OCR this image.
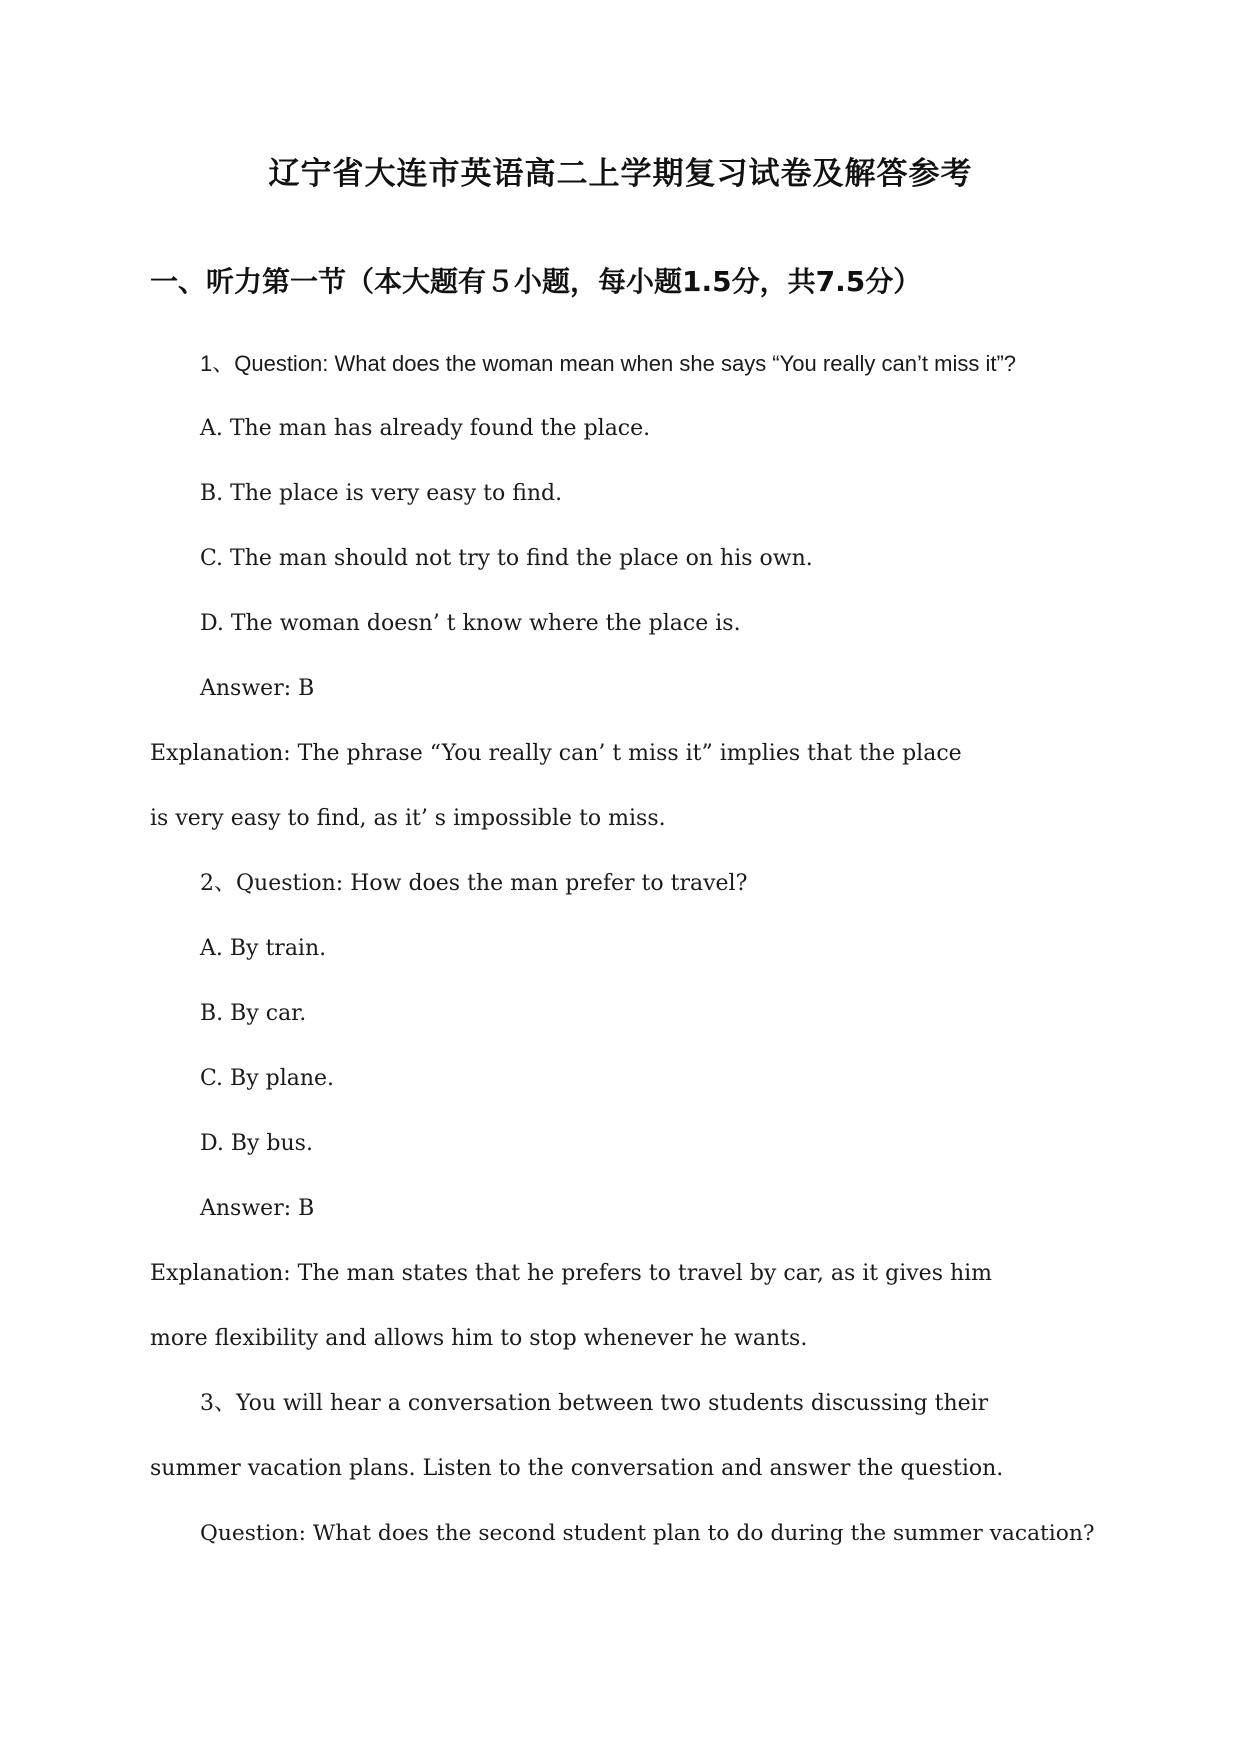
辽宁省大连市英语高二上学期复习试卷及解答参考
一、听力第一节（本大题有５小题，每小题1.5分，共7.5分）
1、Question: What does the woman mean when she says “You really can’t miss it”?
A. The man has already found the place.
B. The place is very easy to find.
C. The man should not try to find the place on his own.
D. The woman doesn’ t know where the place is.
Answer: B
Explanation: The phrase “You really can’ t miss it” implies that the place
is very easy to find, as it’ s impossible to miss.
2、Question: How does the man prefer to travel?
A. By train.
B. By car.
C. By plane.
D. By bus.
Answer: B
Explanation: The man states that he prefers to travel by car, as it gives him
more flexibility and allows him to stop whenever he wants.
3、You will hear a conversation between two students discussing their
summer vacation plans. Listen to the conversation and answer the question.
Question: What does the second student plan to do during the summer vacation?
